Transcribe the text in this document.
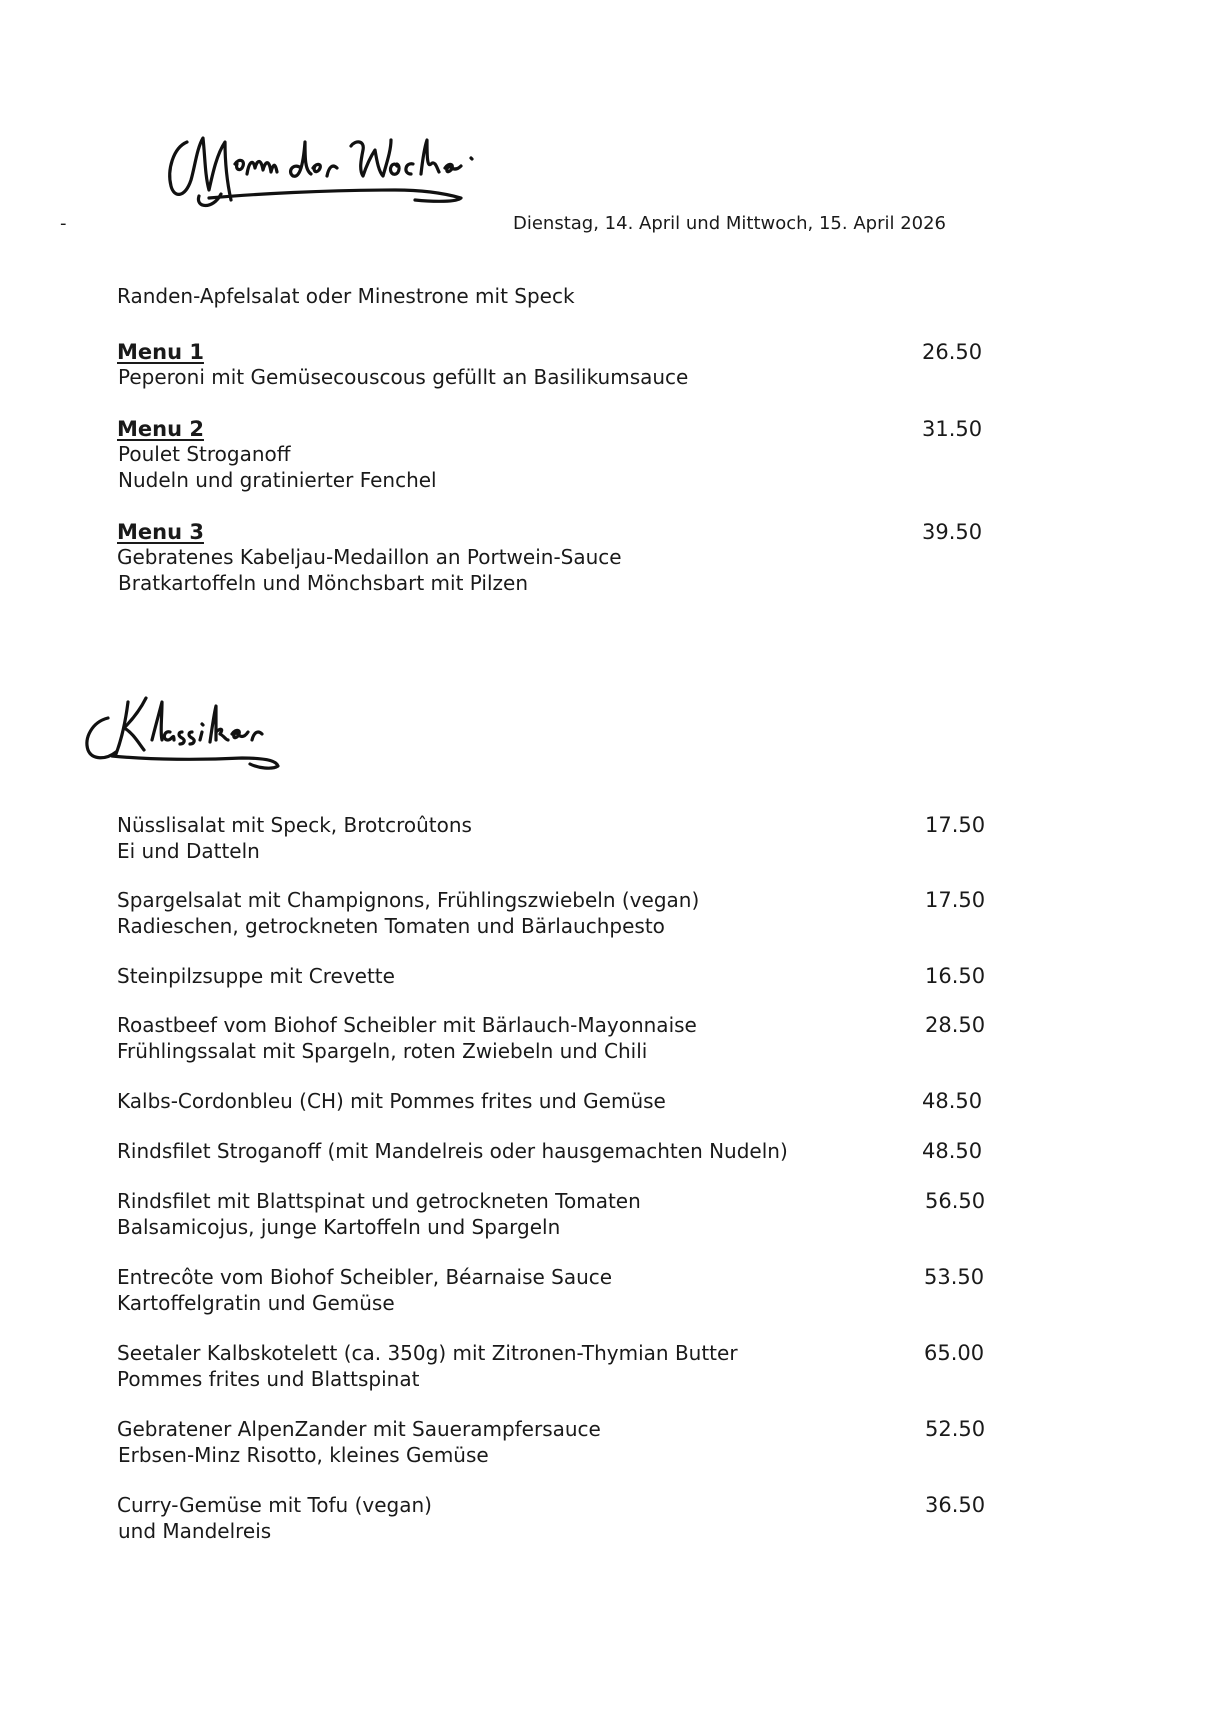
-	Dienstag, 14. April und Mittwoch, 15. April 2026
Randen-Apfelsalat oder Minestrone mit Speck
Menu 1	26.50
Peperoni mit Gemüsecouscous gefüllt an Basilikumsauce
Menu 2	31.50
Poulet Stroganoff
Nudeln und gratinierter Fenchel
Menu 3	39.50
Gebratenes Kabeljau-Medaillon an Portwein-Sauce
Bratkartoffeln und Mönchsbart mit Pilzen
Nüsslisalat mit Speck, Brotcroûtons
Ei und Datteln
17.50
Spargelsalat mit Champignons, Frühlingszwiebeln (vegan)
Radieschen, getrockneten Tomaten und Bärlauchpesto
17.50
Steinpilzsuppe mit Crevette	16.50
Roastbeef vom Biohof Scheibler mit Bärlauch-Mayonnaise
Frühlingssalat mit Spargeln, roten Zwiebeln und Chili
28.50
Kalbs-Cordonbleu (CH) mit Pommes frites und Gemüse	48.50
Rindsfilet Stroganoff (mit Mandelreis oder hausgemachten Nudeln)	48.50
Rindsfilet mit Blattspinat und getrockneten Tomaten
Balsamicojus, junge Kartoffeln und Spargeln
56.50
Entrecôte vom Biohof Scheibler, Béarnaise Sauce
Kartoffelgratin und Gemüse
53.50
Seetaler Kalbskotelett (ca. 350g) mit Zitronen-Thymian Butter
Pommes frites und Blattspinat
65.00
Gebratener AlpenZander mit Sauerampfersauce
Erbsen-Minz Risotto, kleines Gemüse
52.50
Curry-Gemüse mit Tofu (vegan)
und Mandelreis
36.50
